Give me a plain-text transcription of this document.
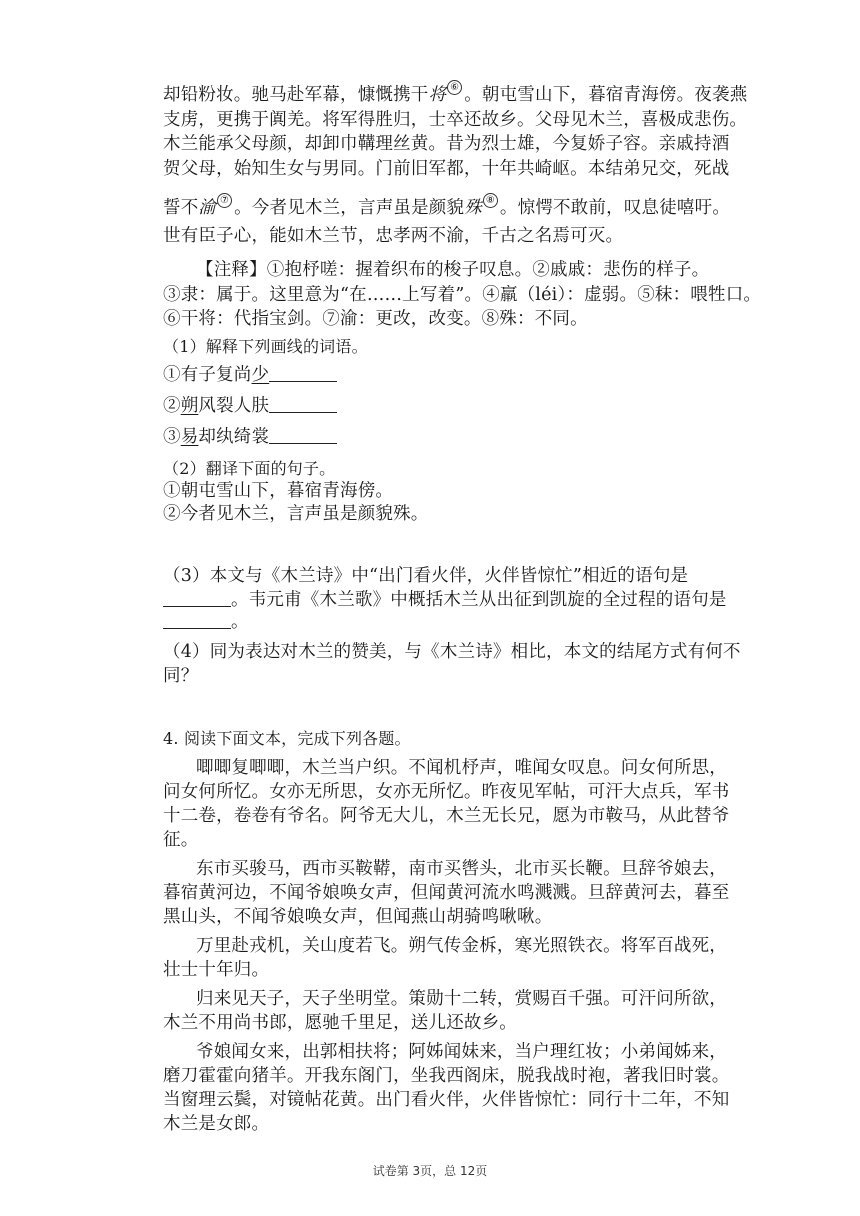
却铅粉妆。驰马赴军幕，慷慨携干将 ⑥ 。朝屯雪山下，暮宿青海傍。夜袭燕
支虏，更携于阗羌。将军得胜归，士卒还故乡。父母见木兰，喜极成悲伤。
木兰能承父母颜，却卸巾鞲理丝黄。昔为烈士雄，今复娇子容。亲戚持酒
贺父母，始知生女与男同。门前旧军都，十年共崎岖。本结弟兄交，死战
誓不渝 ⑦ 。今者见木兰，言声虽是颜貌殊 ⑧ 。惊愕不敢前，叹息徒嘻吁。
世有臣子心，能如木兰节，忠孝两不渝，千古之名焉可灭。
【注释】①抱杼嗟：握着织布的梭子叹息。②戚戚：悲伤的样子。
③隶：属于。这里意为“在……上写着”。④羸（léi）：虚弱。⑤秣：喂牲口。
⑥干将：代指宝剑。⑦渝：更改，改变。⑧殊：不同。
（1）解释下列画线的词语。
①有子复尚少
②朔风裂人肤
③易却纨绮裳
（2）翻译下面的句子。
①朝屯雪山下，暮宿青海傍。
②今者见木兰，言声虽是颜貌殊。
（3）本文与《木兰诗》中“出门看火伴，火伴皆惊忙”相近的语句是
。韦元甫《木兰歌》中概括木兰从出征到凯旋的全过程的语句是
。
（4）同为表达对木兰的赞美，与《木兰诗》相比，本文的结尾方式有何不
同？
4. 阅读下面文本，完成下列各题。
唧唧复唧唧，木兰当户织。不闻机杼声，唯闻女叹息。问女何所思，
问女何所忆。女亦无所思，女亦无所忆。昨夜见军帖，可汗大点兵，军书
十二卷，卷卷有爷名。阿爷无大儿，木兰无长兄，愿为市鞍马，从此替爷
征。
东市买骏马，西市买鞍鞯，南市买辔头，北市买长鞭。旦辞爷娘去，
暮宿黄河边，不闻爷娘唤女声，但闻黄河流水鸣溅溅。旦辞黄河去，暮至
黑山头，不闻爷娘唤女声，但闻燕山胡骑鸣啾啾。
万里赴戎机，关山度若飞。朔气传金柝，寒光照铁衣。将军百战死，
壮士十年归。
归来见天子，天子坐明堂。策勋十二转，赏赐百千强。可汗问所欲，
木兰不用尚书郎，愿驰千里足，送儿还故乡。
爷娘闻女来，出郭相扶将；阿姊闻妹来，当户理红妆；小弟闻姊来，
磨刀霍霍向猪羊。开我东阁门，坐我西阁床，脱我战时袍，著我旧时裳。
当窗理云鬓，对镜帖花黄。出门看火伴，火伴皆惊忙：同行十二年，不知
木兰是女郎。
试卷第 3页，总 12页
